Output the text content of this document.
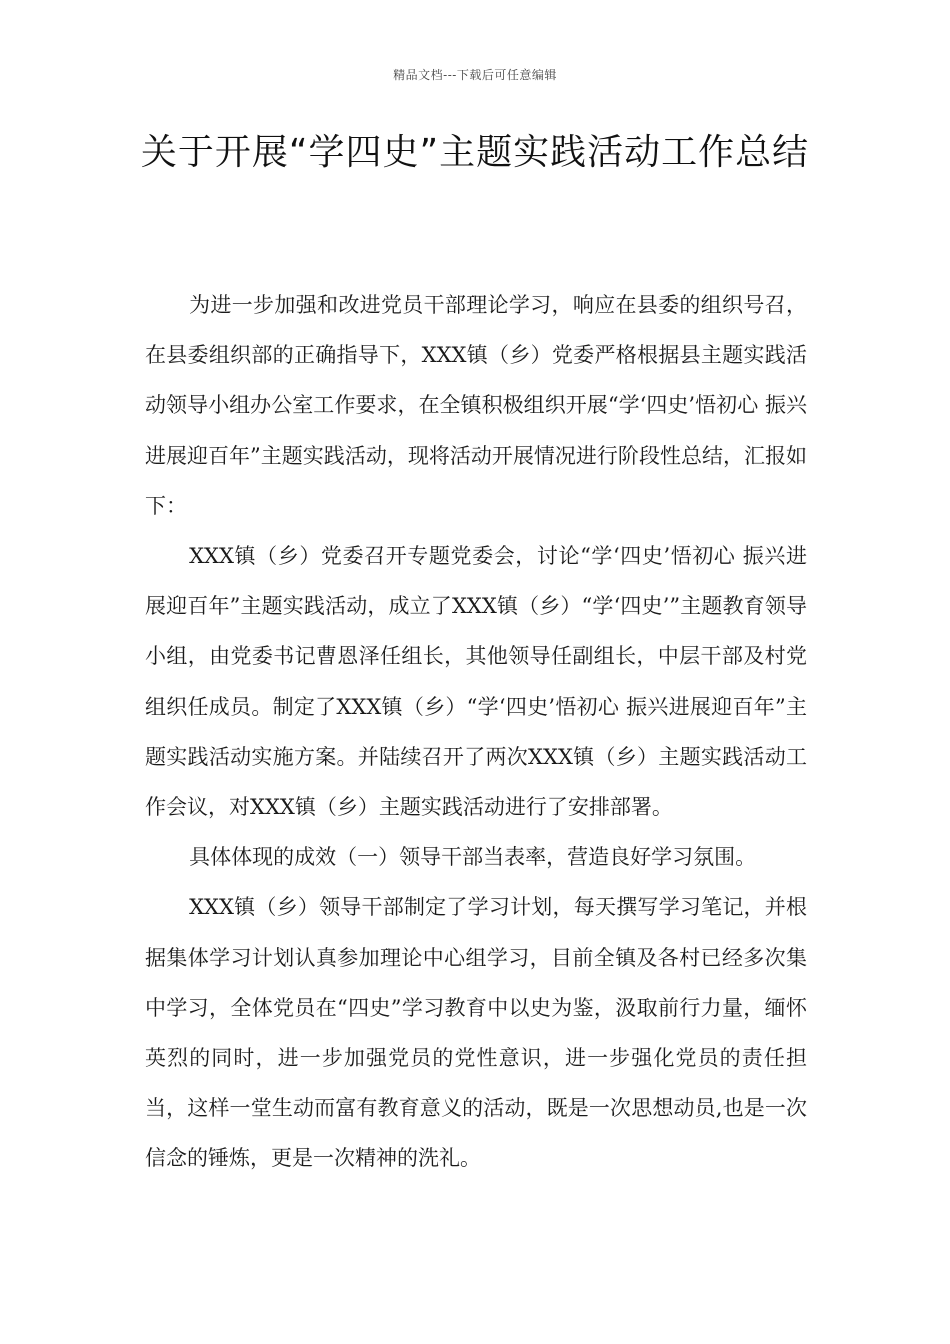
精品文档---下载后可任意编辑
关于开展“学四史”主题实践活动工作总结

为进一步加强和改进党员干部理论学习，响应在县委的组织号召，在县委组织部的正确指导下，XXX镇（乡）党委严格根据县主题实践活动领导小组办公室工作要求，在全镇积极组织开展“学‘四史’悟初心 振兴进展迎百年”主题实践活动，现将活动开展情况进行阶段性总结，汇报如下：

XXX镇（乡）党委召开专题党委会，讨论“学‘四史’悟初心 振兴进展迎百年”主题实践活动，成立了XXX镇（乡）“学‘四史’”主题教育领导小组，由党委书记曹恩泽任组长，其他领导任副组长，中层干部及村党组织任成员。制定了XXX镇（乡）“学‘四史’悟初心 振兴进展迎百年”主题实践活动实施方案。并陆续召开了两次XXX镇（乡）主题实践活动工作会议，对XXX镇（乡）主题实践活动进行了安排部署。

具体体现的成效（一）领导干部当表率，营造良好学习氛围。

XXX镇（乡）领导干部制定了学习计划，每天撰写学习笔记，并根据集体学习计划认真参加理论中心组学习，目前全镇及各村已经多次集中学习，全体党员在“四史”学习教育中以史为鉴，汲取前行力量，缅怀英烈的同时，进一步加强党员的党性意识，进一步强化党员的责任担当，这样一堂生动而富有教育意义的活动，既是一次思想动员,也是一次信念的锤炼，更是一次精神的洗礼。
